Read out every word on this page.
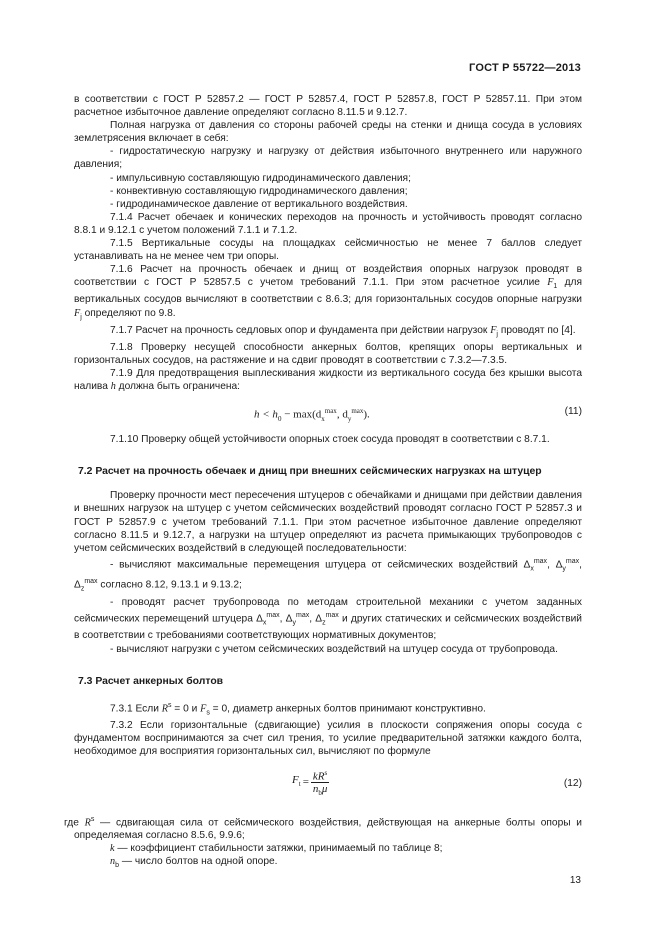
ГОСТ Р 55722—2013

в соответствии с ГОСТ Р 52857.2 — ГОСТ Р 52857.4, ГОСТ Р 52857.8, ГОСТ Р 52857.11. При этом расчетное избыточное давление определяют согласно 8.11.5 и 9.12.7.

Полная нагрузка от давления со стороны рабочей среды на стенки и днища сосуда в условиях землетрясения включает в себя:

- гидростатическую нагрузку и нагрузку от действия избыточного внутреннего или наружного давления;

- импульсивную составляющую гидродинамического давления;

- конвективную составляющую гидродинамического давления;

- гидродинамическое давление от вертикального воздействия.

7.1.4 Расчет обечаек и конических переходов на прочность и устойчивость проводят согласно 8.8.1 и 9.12.1 с учетом положений 7.1.1 и 7.1.2.

7.1.5 Вертикальные сосуды на площадках сейсмичностью не менее 7 баллов следует устанавливать на не менее чем три опоры.

7.1.6 Расчет на прочность обечаек и днищ от воздействия опорных нагрузок проводят в соответствии с ГОСТ Р 52857.5 с учетом требований 7.1.1. При этом расчетное усилие $F_1$ для вертикальных сосудов вычисляют в соответствии с 8.6.3; для горизонтальных сосудов опорные нагрузки $F_j$ определяют по 9.8.

7.1.7 Расчет на прочность седловых опор и фундамента при действии нагрузок $F_j$ проводят по [4].

7.1.8 Проверку несущей способности анкерных болтов, крепящих опоры вертикальных и горизонтальных сосудов, на растяжение и на сдвиг проводят в соответствии с 7.3.2—7.3.5.

7.1.9 Для предотвращения выплескивания жидкости из вертикального сосуда без крышки высота налива h должна быть ограничена:

$h < h_0 - \max(d_x^{max}$, $d_y^{max}$).	(11)

7.1.10 Проверку общей устойчивости опорных стоек сосуда проводят в соответствии с 8.7.1.

7.2 Расчет на прочность обечаек и днищ при внешних сейсмических нагрузках на штуцер

Проверку прочности мест пересечения штуцеров с обечайками и днищами при действии давления и внешних нагрузок на штуцер с учетом сейсмических воздействий проводят согласно ГОСТ Р 52857.3 и ГОСТ Р 52857.9 с учетом требований 7.1.1. При этом расчетное избыточное давление определяют согласно 8.11.5 и 9.12.7, а нагрузки на штуцер определяют из расчета примыкающих трубопроводов с учетом сейсмических воздействий в следующей последовательности:

- вычисляют максимальные перемещения штуцера от сейсмических воздействий $\Delta_x^{max}$, $\Delta_y^{max}$, $\Delta_z^{max}$ согласно 8.12, 9.13.1 и 9.13.2;

- проводят расчет трубопровода по методам строительной механики с учетом заданных сейсмических перемещений штуцера $\Delta_x^{max}$, $\Delta_y^{max}$, $\Delta_z^{max}$ и других статических и сейсмических воздействий в соответствии с требованиями соответствующих нормативных документов;

- вычисляют нагрузки с учетом сейсмических воздействий на штуцер сосуда от трубопровода.

7.3 Расчет анкерных болтов

7.3.1 Если $R^s = 0$ и $F_s = 0$, диаметр анкерных болтов принимают конструктивно.

7.3.2 Если горизонтальные (сдвигающие) усилия в плоскости сопряжения опоры сосуда с фундаментом воспринимаются за счет сил трения, то усилие предварительной затяжки каждого болта, необходимое для восприятия горизонтальных сил, вычисляют по формуле

$F_t = \frac{kR^s}{n_b\mu}$	(12)

где $R^s$ — сдвигающая сила от сейсмического воздействия, действующая на анкерные болты опоры и определяемая согласно 8.5.6, 9.9.6;

k — коэффициент стабильности затяжки, принимаемый по таблице 8;

$n_b$ — число болтов на одной опоре.

13
